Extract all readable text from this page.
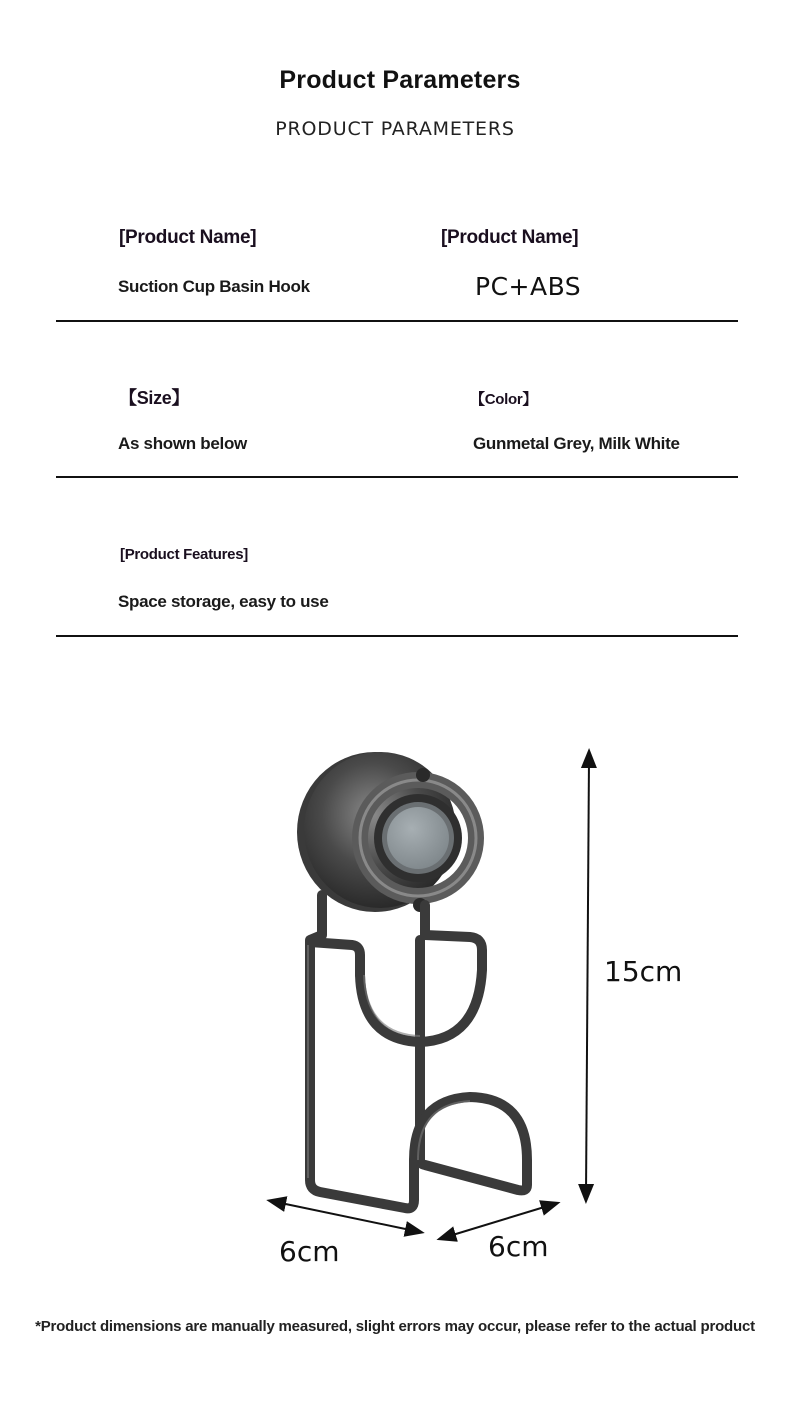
Product Parameters
PRODUCT PARAMETERS
[Product Name]
Suction Cup Basin Hook
[Product Name]
PC+ABS
【Size】
As shown below
【Color】
Gunmetal Grey, Milk White
[Product Features]
Space storage, easy to use
15cm
6cm	6cm
*Product dimensions are manually measured, slight errors may occur, please refer to the actual product
